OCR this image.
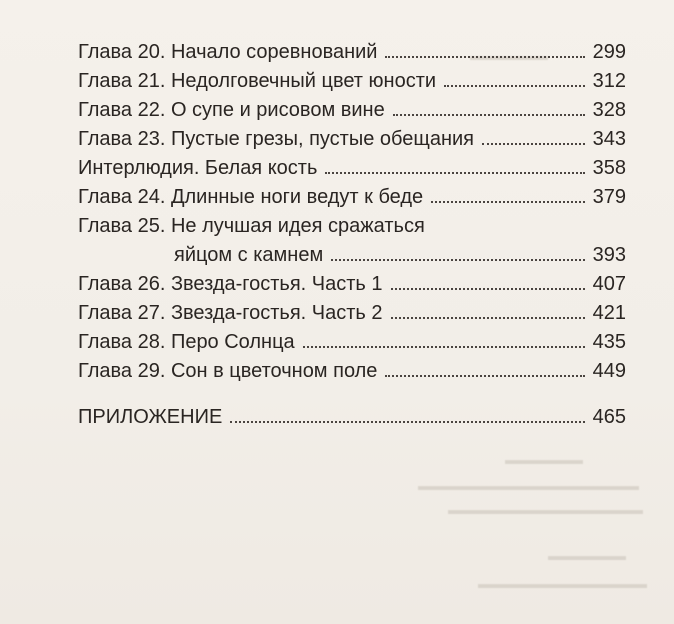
▬▬▬▬▬▬
▬▬▬▬▬▬
▬▬▬▬▬▬▬▬▬▬▬▬▬▬▬▬▬
▬▬▬▬▬▬▬▬▬▬▬▬▬▬▬
▬▬▬▬▬▬
▬▬▬▬▬▬▬▬▬▬▬▬▬
Глава 20. Начало соревнований	299
Глава 21. Недолговечный цвет юности	312
Глава 22. О супе и рисовом вине	328
Глава 23. Пустые грезы, пустые обещания	343
Интерлюдия. Белая кость	358
Глава 24. Длинные ноги ведут к беде	379
Глава 25. Не лучшая идея сражаться
яйцом с камнем	393
Глава 26. Звезда-гостья. Часть 1	407
Глава 27. Звезда-гостья. Часть 2	421
Глава 28. Перо Солнца	435
Глава 29. Сон в цветочном поле	449
ПРИЛОЖЕНИЕ	465
